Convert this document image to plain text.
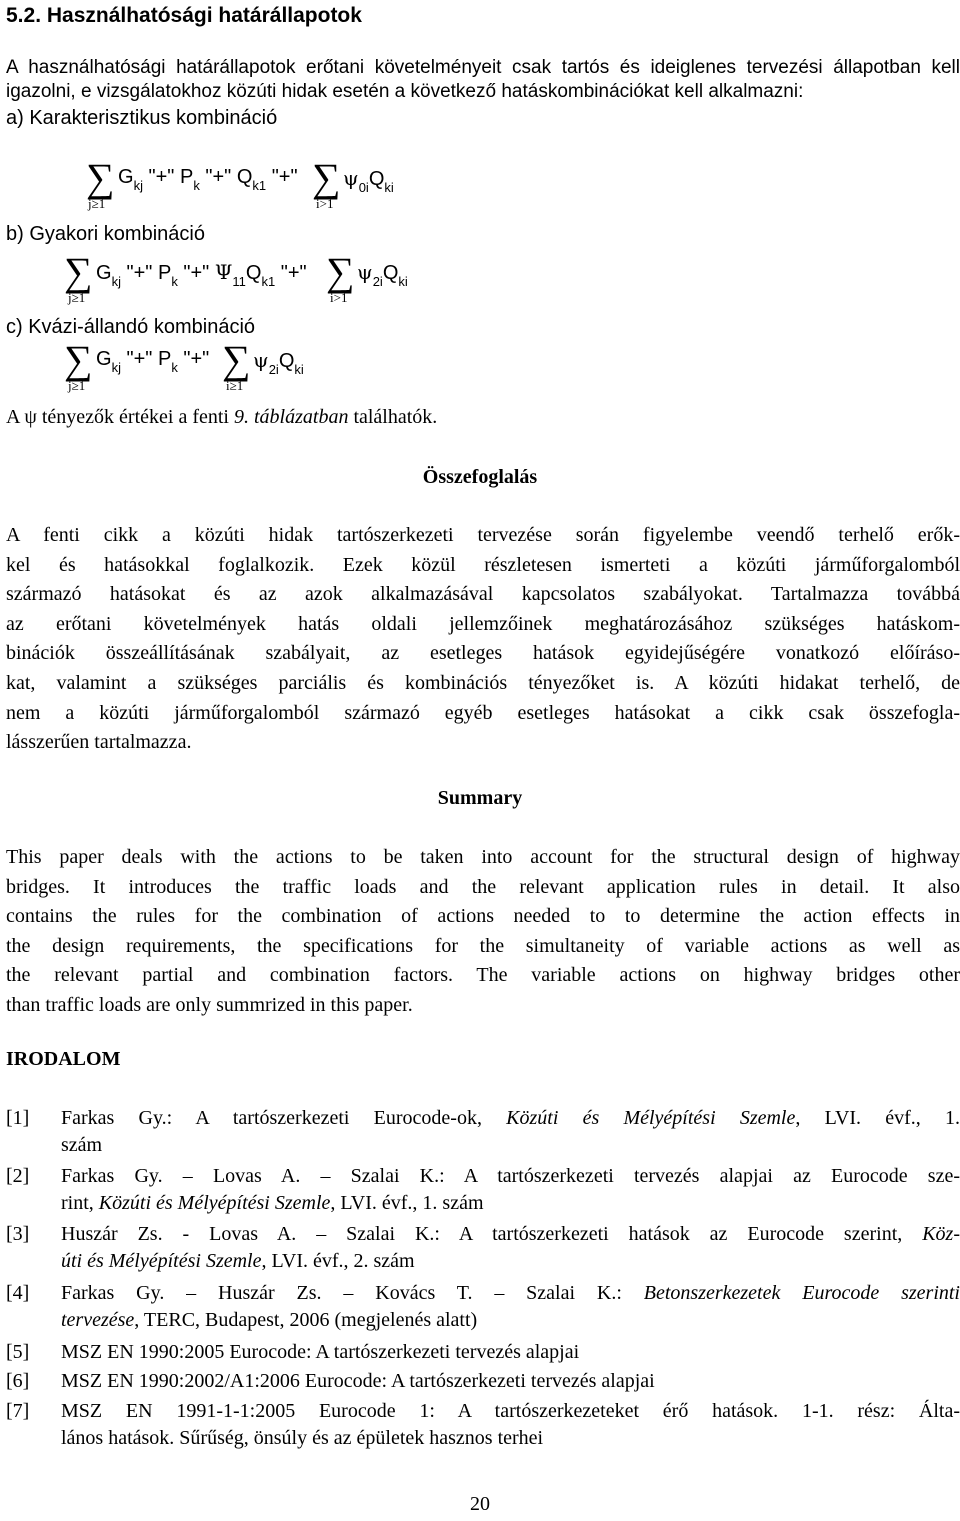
5.2. Használhatósági határállapotok
A használhatósági határállapotok erőtani követelményeit csak tartós és ideiglenes tervezési állapotban kell
igazolni, e vizsgálatokhoz közúti hidak esetén a következő hatáskombinációkat kell alkalmazni:
a) Karakterisztikus kombináció
∑
j≥1
$G_{kj}$ "+" $P_k$ "+" $Q_{k1}$ "+" ∑
i>1
$\psi_{0i}Q_{ki}$
b) Gyakori kombináció
∑
j≥1
$G_{kj}$ "+" $P_k$ "+" $\Psi_{11}Q_{k1}$ "+" ∑
i>1
$\psi_{2i}Q_{ki}$
c) Kvázi-állandó kombináció
∑
j≥1
$G_{kj}$ "+" $P_k$ "+" ∑
i≥1
$\psi_{2i}Q_{ki}$
A ψ tényezők értékei a fenti 9. táblázatban találhatók.
Összefoglalás
A fenti cikk a közúti hidak tartószerkezeti tervezése során figyelembe veendő terhelő erők-
kel és hatásokkal foglalkozik. Ezek közül részletesen ismerteti a közúti járműforgalomból
származó hatásokat és az azok alkalmazásával kapcsolatos szabályokat. Tartalmazza továbbá
az erőtani követelmények hatás oldali jellemzőinek meghatározásához szükséges hatáskom-
binációk összeállításának szabályait, az esetleges hatások egyidejűségére vonatkozó előíráso-
kat, valamint a szükséges parciális és kombinációs tényezőket is. A közúti hidakat terhelő, de
nem a közúti járműforgalomból származó egyéb esetleges hatásokat a cikk csak összefogla-
lásszerűen tartalmazza.
Summary
This paper deals with the actions to be taken into account for the structural design of highway
bridges. It introduces the traffic loads and the relevant application rules in detail. It also
contains the rules for the combination of actions needed to to determine the action effects in
the design requirements, the specifications for the simultaneity of variable actions as well as
the relevant partial and combination factors. The variable actions on highway bridges other
than traffic loads are only summrized in this paper.
IRODALOM
[1] Farkas Gy.: A tartószerkezeti Eurocode-ok, Közúti és Mélyépítési Szemle, LVI. évf., 1.
szám
[2] Farkas Gy. – Lovas A. – Szalai K.: A tartószerkezeti tervezés alapjai az Eurocode sze-
rint, Közúti és Mélyépítési Szemle, LVI. évf., 1. szám
[3] Huszár Zs. - Lovas A. – Szalai K.: A tartószerkezeti hatások az Eurocode szerint, Köz-
úti és Mélyépítési Szemle, LVI. évf., 2. szám
[4] Farkas Gy. – Huszár Zs. – Kovács T. – Szalai K.: Betonszerkezetek Eurocode szerinti
tervezése, TERC, Budapest, 2006 (megjelenés alatt)
[5] MSZ EN 1990:2005 Eurocode: A tartószerkezeti tervezés alapjai
[6] MSZ EN 1990:2002/A1:2006 Eurocode: A tartószerkezeti tervezés alapjai
[7] MSZ EN 1991-1-1:2005 Eurocode 1: A tartószerkezeteket érő hatások. 1-1. rész: Álta-
lános hatások. Sűrűség, önsúly és az épületek hasznos terhei
20
